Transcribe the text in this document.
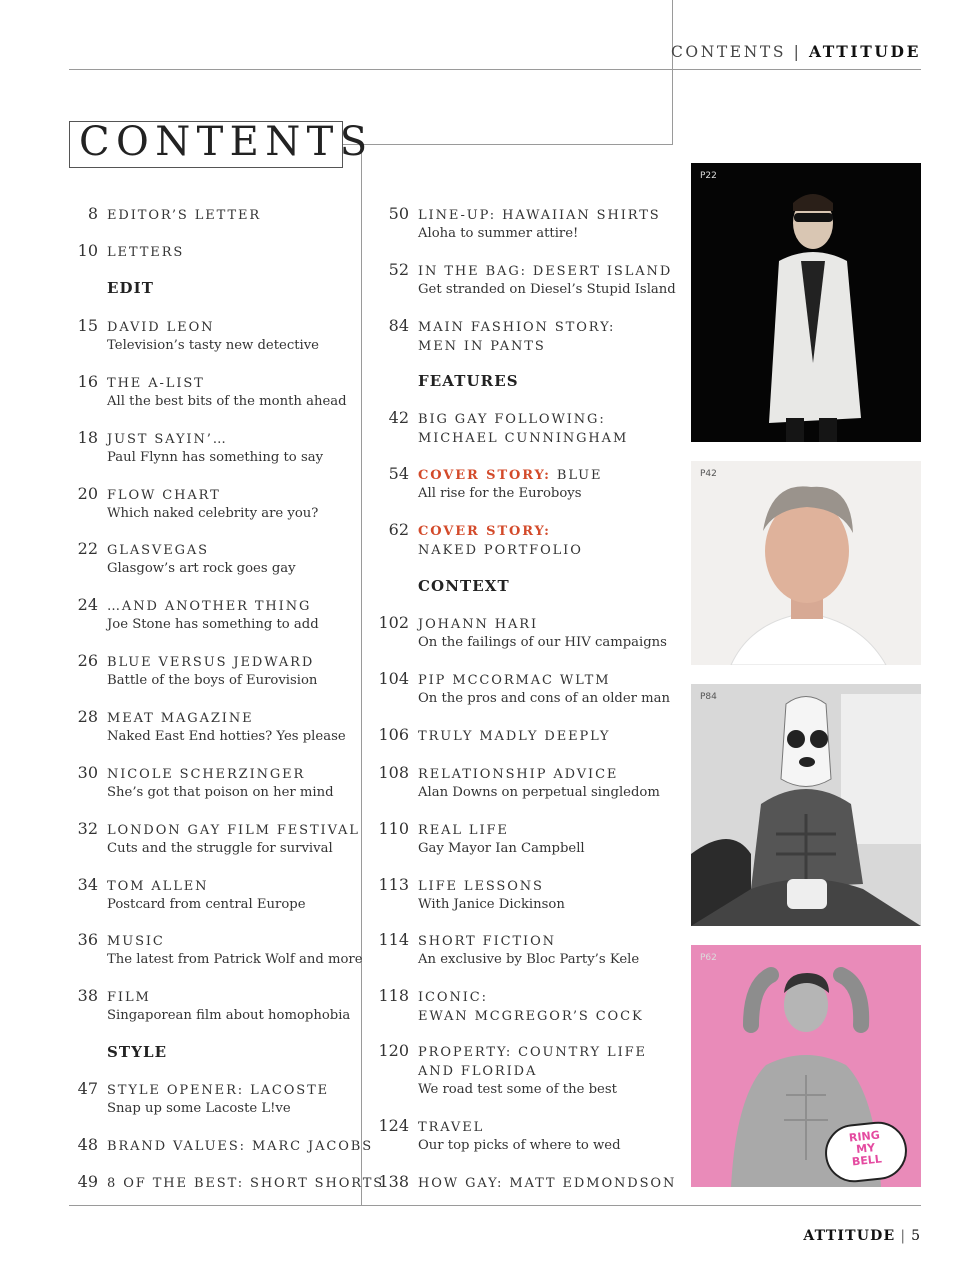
CONTENTS | ATTITUDE
CONTENTS
8 EDITOR’S LETTER
10 LETTERS
EDIT
15 DAVID LEON
Television’s tasty new detective
16 THE A-LIST
All the best bits of the month ahead
18 JUST SAYIN’…
Paul Flynn has something to say
20 FLOW CHART
Which naked celebrity are you?
22 GLASVEGAS
Glasgow’s art rock goes gay
24 …AND ANOTHER THING
Joe Stone has something to add
26 BLUE VERSUS JEDWARD
Battle of the boys of Eurovision
28 MEAT MAGAZINE
Naked East End hotties? Yes please
30 NICOLE SCHERZINGER
She’s got that poison on her mind
32 LONDON GAY FILM FESTIVAL
Cuts and the struggle for survival
34 TOM ALLEN
Postcard from central Europe
36 MUSIC
The latest from Patrick Wolf and more
38 FILM
Singaporean film about homophobia
STYLE
47 STYLE OPENER: LACOSTE
Snap up some Lacoste L!ve
48 BRAND VALUES: MARC JACOBS
49 8 OF THE BEST: SHORT SHORTS
50 LINE-UP: HAWAIIAN SHIRTS
Aloha to summer attire!
52 IN THE BAG: DESERT ISLAND
Get stranded on Diesel’s Stupid Island
84 MAIN FASHION STORY:
MEN IN PANTS
FEATURES
42 BIG GAY FOLLOWING:
MICHAEL CUNNINGHAM
54 COVER STORY: BLUE
All rise for the Euroboys
62 COVER STORY:
NAKED PORTFOLIO
CONTEXT
102 JOHANN HARI
On the failings of our HIV campaigns
104 PIP MCCORMAC WLTM
On the pros and cons of an older man
106 TRULY MADLY DEEPLY
108 RELATIONSHIP ADVICE
Alan Downs on perpetual singledom
110 REAL LIFE
Gay Mayor Ian Campbell
113 LIFE LESSONS
With Janice Dickinson
114 SHORT FICTION
An exclusive by Bloc Party’s Kele
118 ICONIC:
EWAN MCGREGOR’S COCK
120 PROPERTY: COUNTRY LIFE
AND FLORIDA
We road test some of the best
124 TRAVEL
Our top picks of where to wed
138 HOW GAY: MATT EDMONDSON
P22
P42
P84
P62
RING
MY
BELL
ATTITUDE | 5
